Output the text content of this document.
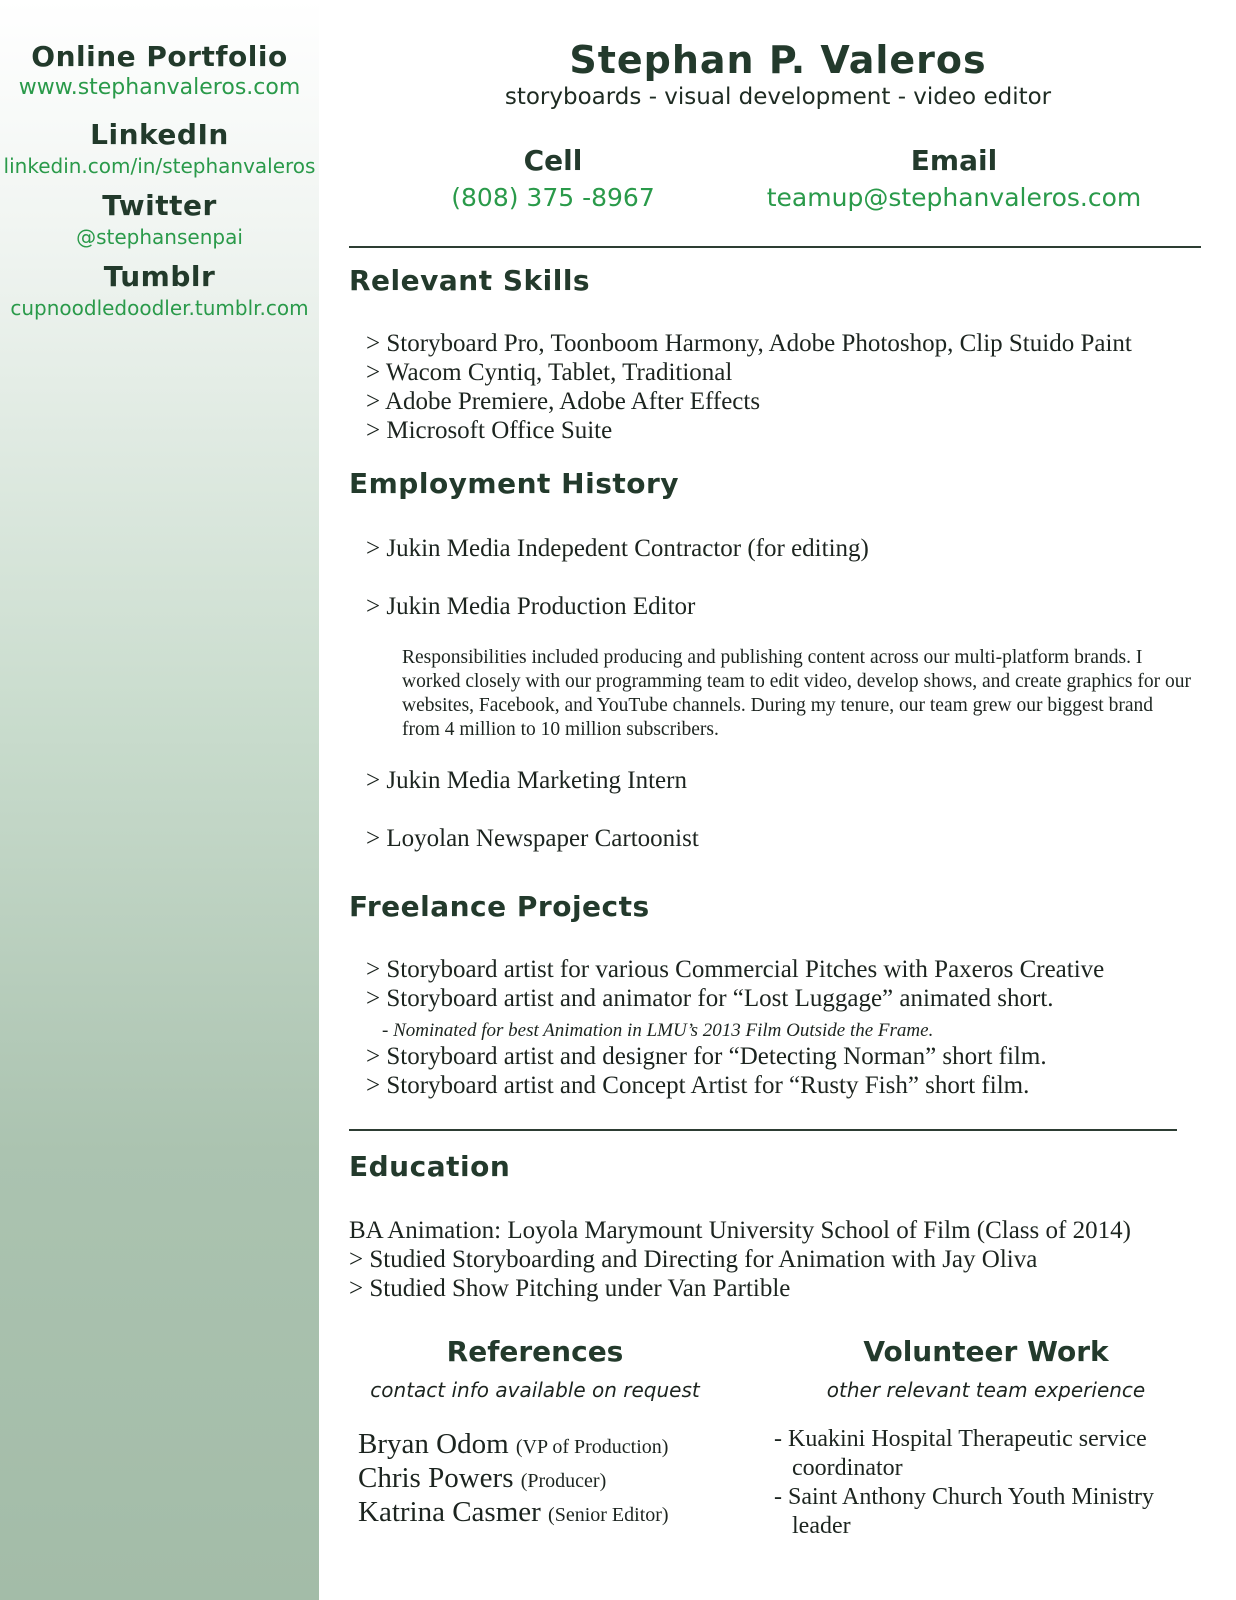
Online Portfolio
www.stephanvaleros.com
LinkedIn
linkedin.com/in/stephanvaleros
Twitter
@stephansenpai
Tumblr
cupnoodledoodler.tumblr.com
Stephan P. Valeros
storyboards - visual development - video editor
Cell
(808) 375 -8967
Email
teamup@stephanvaleros.com
Relevant Skills
> Storyboard Pro, Toonboom Harmony, Adobe Photoshop, Clip Stuido Paint
> Wacom Cyntiq, Tablet, Traditional
> Adobe Premiere, Adobe After Effects
> Microsoft Office Suite
Employment History
> Jukin Media Indepedent Contractor (for editing)
> Jukin Media Production Editor
Responsibilities included producing and publishing content across our multi-platform brands. I worked closely with our programming team to edit video, develop shows, and create graphics for our websites, Facebook, and YouTube channels. During my tenure, our team grew our biggest brand from 4 million to 10 million subscribers.
> Jukin Media Marketing Intern
> Loyolan Newspaper Cartoonist
Freelance Projects
> Storyboard artist for various Commercial Pitches with Paxeros Creative
> Storyboard artist and animator for “Lost Luggage” animated short.
- Nominated for best Animation in LMU’s 2013 Film Outside the Frame.
> Storyboard artist and designer for “Detecting Norman” short film.
> Storyboard artist and Concept Artist for “Rusty Fish” short film.
Education
BA Animation: Loyola Marymount University School of Film (Class of 2014)
> Studied Storyboarding and Directing for Animation with Jay Oliva
> Studied Show Pitching under Van Partible
References
contact info available on request
Bryan Odom (VP of Production)
Chris Powers (Producer)
Katrina Casmer (Senior Editor)
Volunteer Work
other relevant team experience
- Kuakini Hospital Therapeutic service
coordinator
- Saint Anthony Church Youth Ministry
leader
